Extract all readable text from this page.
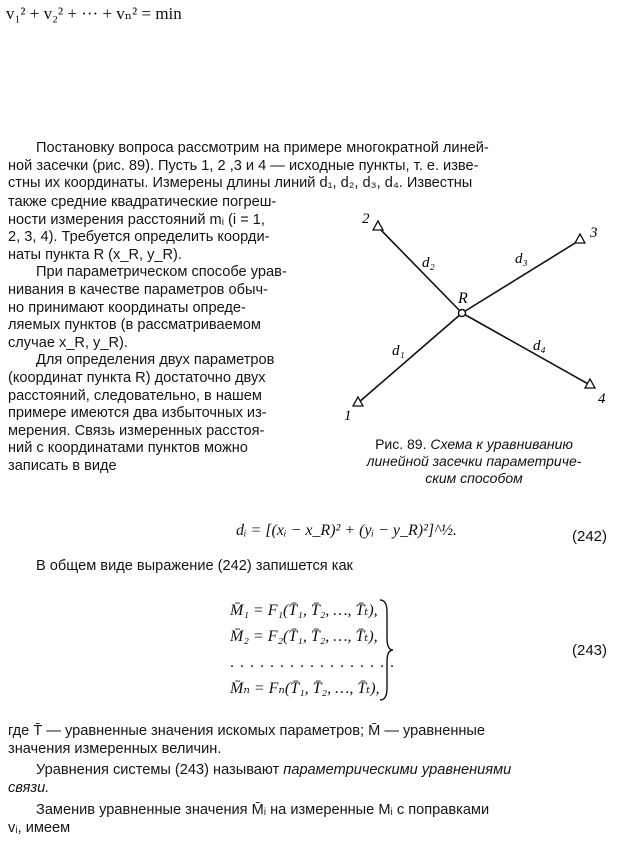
v₁² + v₂² + ··· + vₙ² = min
Постановку вопроса рассмотрим на примере многократной линей-
ной засечки (рис. 89). Пусть 1, 2 ,3 и 4 — исходные пункты, т. е. изве-
стны их координаты. Измерены длины линий d₁, d₂, d₃, d₄. Известны
также средние квадратические погреш-
ности измерения расстояний mᵢ (i = 1,
2, 3, 4). Требуется определить коорди-
наты пункта R (x_R, y_R).
При параметрическом способе урав-
нивания в качестве параметров обыч-
но принимают координаты опреде-
ляемых пунктов (в рассматриваемом
случае x_R, y_R).
Для определения двух параметров
(координат пункта R) достаточно двух
расстояний, следовательно, в нашем
примере имеются два избыточных из-
мерения. Связь измеренных расстоя-
ний с координатами пунктов можно
записать в виде
2
3
1
4
R
d₂	d₃
d₁	d₄
Рис. 89. Схема к уравниванию
линейной засечки параметриче-
ским способом
dᵢ = [(xᵢ − x_R)² + (yᵢ − y_R)²]^½.	(242)
В общем виде выражение (242) запишется как
M̄₁ = F₁(T̄₁, T̄₂, …, T̄ₜ),
M̄₂ = F₂(T̄₁, T̄₂, …, T̄ₜ),
. . . . . . . . . . . . . . . . .
M̄ₙ = Fₙ(T̄₁, T̄₂, …, T̄ₜ),
(243)
где T̄ — уравненные значения искомых параметров; M̄ — уравненные
значения измеренных величин.
Уравнения системы (243) называют параметрическими уравнениями
связи.
Заменив уравненные значения M̄ᵢ на измеренные Mᵢ с поправками
vᵢ, имеем
